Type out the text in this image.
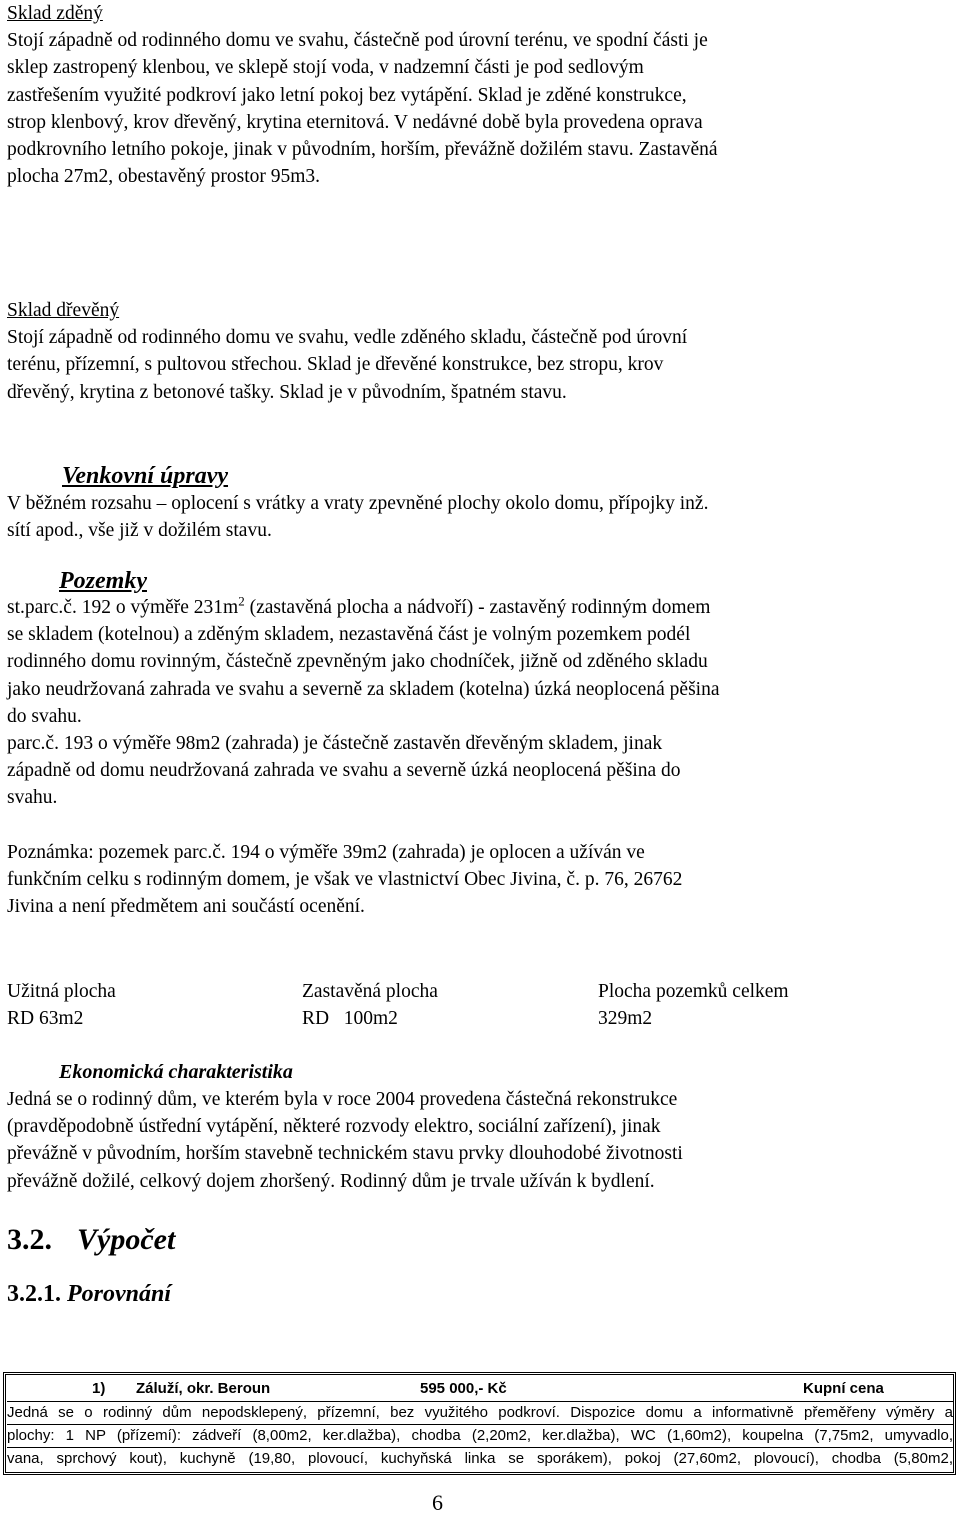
Sklad zděný

Stojí západně od rodinného domu ve svahu, částečně pod úrovní terénu, ve spodní části je

sklep zastropený klenbou, ve sklepě stojí voda, v nadzemní části je pod sedlovým

zastřešením využité podkroví jako letní pokoj bez vytápění. Sklad je zděné konstrukce,

strop klenbový, krov dřevěný, krytina eternitová. V nedávné době byla provedena oprava

podkrovního letního pokoje, jinak v původním, horším, převážně dožilém stavu. Zastavěná

plocha 27m2, obestavěný prostor 95m3.

Sklad dřevěný

Stojí západně od rodinného domu ve svahu, vedle zděného skladu, částečně pod úrovní

terénu, přízemní, s pultovou střechou. Sklad je dřevěné konstrukce, bez stropu, krov

dřevěný, krytina z betonové tašky. Sklad je v původním, špatném stavu.

Venkovní úpravy

V běžném rozsahu – oplocení s vrátky a vraty zpevněné plochy okolo domu, přípojky inž.

sítí apod., vše již v dožilém stavu.

Pozemky

st.parc.č. 192 o výměře $231m^2$ (zastavěná plocha a nádvoří) - zastavěný rodinným domem

se skladem (kotelnou) a zděným skladem, nezastavěná část je volným pozemkem podél

rodinného domu rovinným, částečně zpevněným jako chodníček, jižně od zděného skladu

jako neudržovaná zahrada ve svahu a severně za skladem (kotelna) úzká neoplocená pěšina

do svahu.

parc.č. 193 o výměře 98m2 (zahrada) je částečně zastavěn dřevěným skladem, jinak

západně od domu neudržovaná zahrada ve svahu a severně úzká neoplocená pěšina do

svahu.

Poznámka: pozemek parc.č. 194 o výměře 39m2 (zahrada) je oplocen a užíván ve

funkčním celku s rodinným domem, je však ve vlastnictví Obec Jivina, č. p. 76, 26762

Jivina a není předmětem ani součástí ocenění.

Užitná plocha	Zastavěná plocha	Plocha pozemků celkem
RD 63m2	RD   100m2	329m2

Ekonomická charakteristika

Jedná se o rodinný dům, ve kterém byla v roce 2004 provedena částečná rekonstrukce

(pravděpodobně ústřední vytápění, některé rozvody elektro, sociální zařízení), jinak

převážně v původním, horším stavebně technickém stavu prvky dlouhodobé životnosti

převážně dožilé, celkový dojem zhoršený. Rodinný dům je trvale užíván k bydlení.

3.2. Výpočet

3.2.1. Porovnání

1) Záluží, okr. Beroun	595 000,- Kč	Kupní cena
Jedná se o rodinný dům nepodsklepený, přízemní, bez využitého podkroví. Dispozice domu a informativně přeměřeny výměry a
plochy: 1 NP (přízemí): zádveří (8,00m2, ker.dlažba), chodba (2,20m2, ker.dlažba), WC (1,60m2), koupelna (7,75m2, umyvadlo,
vana, sprchový kout), kuchyně (19,80, plovoucí, kuchyňská linka se sporákem), pokoj (27,60m2, plovoucí), chodba (5,80m2,
6
